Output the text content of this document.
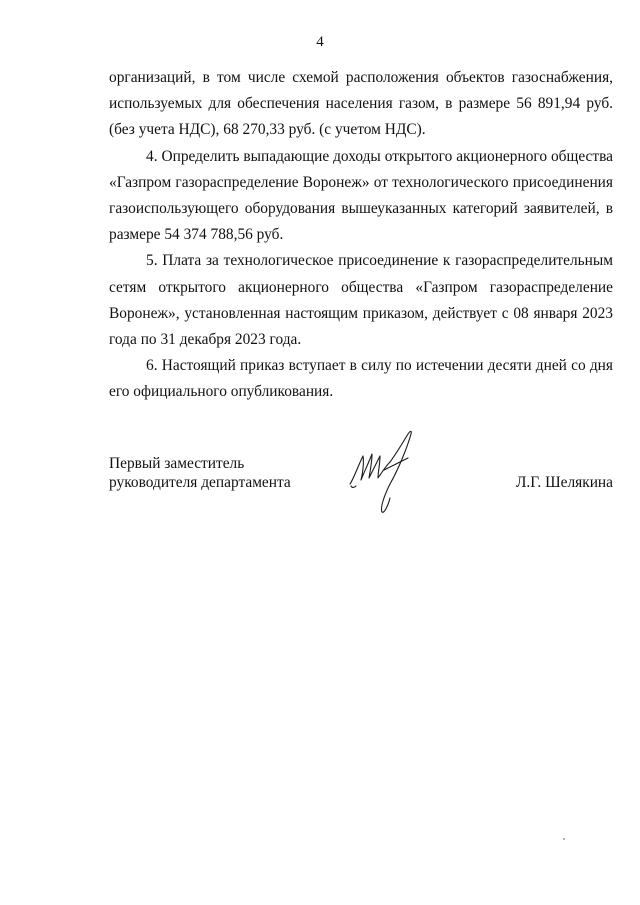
4

организаций, в том числе схемой расположения объектов газоснабжения, используемых для обеспечения населения газом, в размере 56 891,94 руб. (без учета НДС), 68 270,33 руб. (с учетом НДС).

4. Определить выпадающие доходы открытого акционерного общества «Газпром газораспределение Воронеж» от технологического присоединения газоиспользующего оборудования вышеуказанных категорий заявителей, в размере 54 374 788,56 руб.

5. Плата за технологическое присоединение к газораспределительным сетям открытого акционерного общества «Газпром газораспределение Воронеж», установленная настоящим приказом, действует с 08 января 2023 года по 31 декабря 2023 года.

6. Настоящий приказ вступает в силу по истечении десяти дней со дня его официального опубликования.

Первый заместитель
руководителя департамента	Л.Г. Шелякина
